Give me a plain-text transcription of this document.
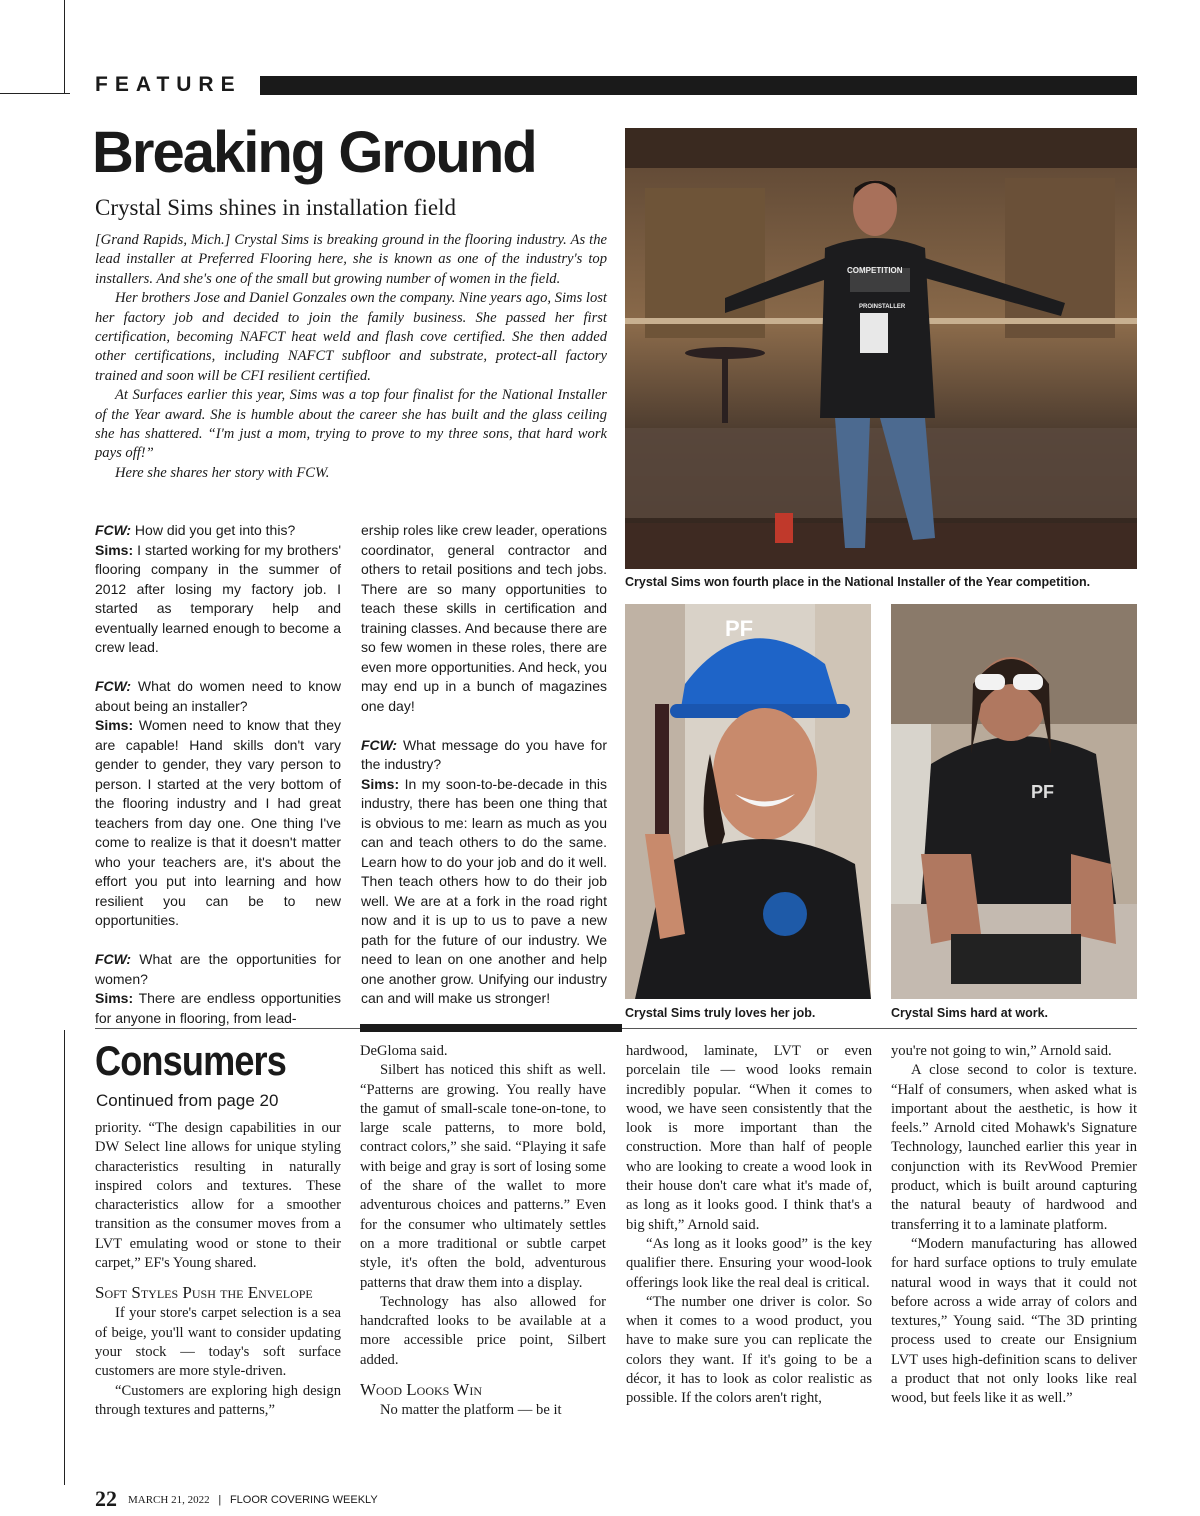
FEATURE
Breaking Ground
Crystal Sims shines in installation field

[Grand Rapids, Mich.] Crystal Sims is breaking ground in the flooring industry. As the lead installer at Preferred Flooring here, she is known as one of the industry's top installers. And she's one of the small but growing number of women in the field.

Her brothers Jose and Daniel Gonzales own the company. Nine years ago, Sims lost her factory job and decided to join the family business. She passed her first certification, becoming NAFCT heat weld and flash cove certified. She then added other certifications, including NAFCT subfloor and substrate, protect-all factory trained and soon will be CFI resilient certified.

At Surfaces earlier this year, Sims was a top four finalist for the National Installer of the Year award. She is humble about the career she has built and the glass ceiling she has shattered. “I'm just a mom, trying to prove to my three sons, that hard work pays off!”

Here she shares her story with FCW.

FCW: How did you get into this?

Sims: I started working for my brothers' flooring company in the summer of 2012 after losing my factory job. I started as temporary help and eventually learned enough to become a crew lead.

FCW: What do women need to know about being an installer?

Sims: Women need to know that they are capable! Hand skills don't vary gender to gender, they vary person to person. I started at the very bottom of the flooring industry and I had great teachers from day one. One thing I've come to realize is that it doesn't matter who your teachers are, it's about the effort you put into learning and how resilient you can be to new opportunities.

FCW: What are the opportunities for women?

Sims: There are endless opportunities for anyone in flooring, from lead-

ership roles like crew leader, operations coordinator, general contractor and others to retail positions and tech jobs. There are so many opportunities to teach these skills in certification and training classes. And because there are so few women in these roles, there are even more opportunities. And heck, you may end up in a bunch of magazines one day!

FCW: What message do you have for the industry?

Sims: In my soon-to-be-decade in this industry, there has been one thing that is obvious to me: learn as much as you can and teach others to do the same. Learn how to do your job and do it well. Then teach others how to do their job well. We are at a fork in the road right now and it is up to us to pave a new path for the future of our industry. We need to lean on one another and help one another grow. Unifying our industry can and will make us stronger!

COMPETITION
PROINSTALLER
Crystal Sims won fourth place in the National Installer of the Year competition.
PF
Crystal Sims truly loves her job.
PF
Crystal Sims hard at work.
Consumers
Continued from page 20

priority. “The design capabilities in our DW Select line allows for unique styling characteristics resulting in naturally inspired colors and textures. These characteristics allow for a smoother transition as the consumer moves from a LVT emulating wood or stone to their carpet,” EF's Young shared.

Soft Styles Push the Envelope

If your store's carpet selection is a sea of beige, you'll want to consider updating your stock — today's soft surface customers are more style-driven.

“Customers are exploring high design through textures and patterns,”

DeGloma said.

Silbert has noticed this shift as well. “Patterns are growing. You really have the gamut of small-scale tone-on-tone, to large scale patterns, to more bold, contract colors,” she said. “Playing it safe with beige and gray is sort of losing some of the share of the wallet to more adventurous choices and patterns.” Even for the consumer who ultimately settles on a more traditional or subtle carpet style, it's often the bold, adventurous patterns that draw them into a display.

Technology has also allowed for handcrafted looks to be available at a more accessible price point, Silbert added.

Wood Looks Win

No matter the platform — be it

hardwood, laminate, LVT or even porcelain tile — wood looks remain incredibly popular. “When it comes to wood, we have seen consistently that the look is more important than the construction. More than half of people who are looking to create a wood look in their house don't care what it's made of, as long as it looks good. I think that's a big shift,” Arnold said.

“As long as it looks good” is the key qualifier there. Ensuring your wood-look offerings look like the real deal is critical.

“The number one driver is color. So when it comes to a wood product, you have to make sure you can replicate the colors they want. If it's going to be a décor, it has to look as color realistic as possible. If the colors aren't right,

you're not going to win,” Arnold said.

A close second to color is texture. “Half of consumers, when asked what is important about the aesthetic, is how it feels.” Arnold cited Mohawk's Signature Technology, launched earlier this year in conjunction with its RevWood Premier product, which is built around capturing the natural beauty of hardwood and transferring it to a laminate platform.

“Modern manufacturing has allowed for hard surface options to truly emulate natural wood in ways that it could not before across a wide array of colors and textures,” Young said. “The 3D printing process used to create our Ensignium LVT uses high-definition scans to deliver a product that not only looks like real wood, but feels like it as well.”

22 MARCH 21, 2022 | FLOOR COVERING WEEKLY
